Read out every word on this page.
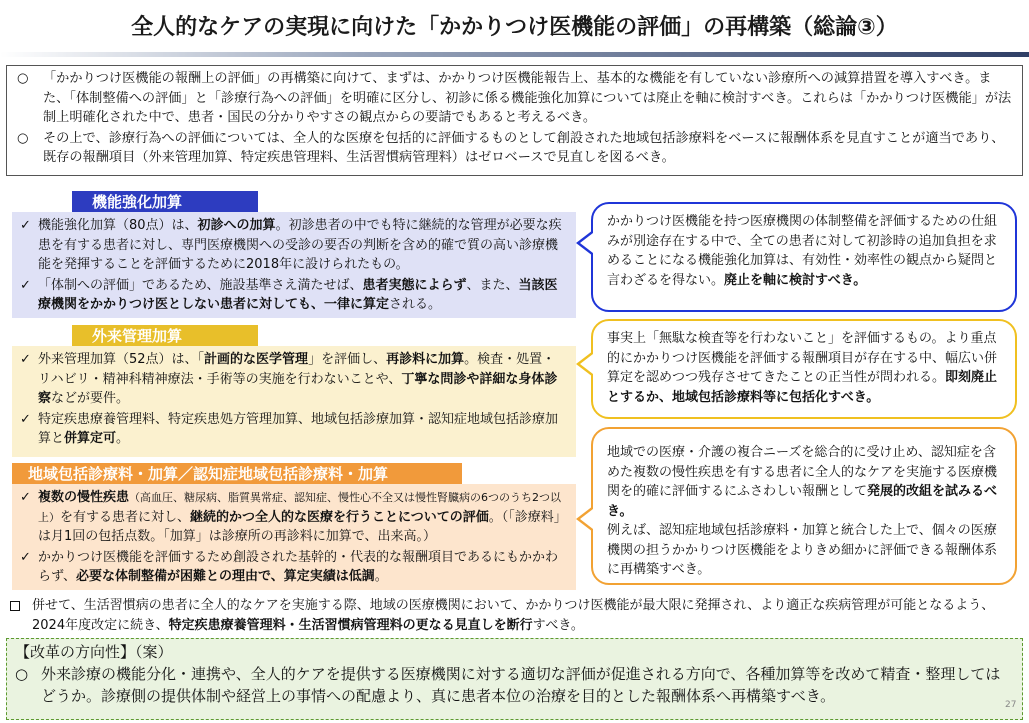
全人的なケアの実現に向けた「かかりつけ医機能の評価」の再構築（総論③）

○ 「かかりつけ医機能の報酬上の評価」の再構築に向けて、まずは、かかりつけ医機能報告上、基本的な機能を有していない診療所への減算措置を導入すべき。また、「体制整備への評価」と「診療行為への評価」を明確に区分し、初診に係る機能強化加算については廃止を軸に検討すべき。これらは「かかりつけ医機能」が法制上明確化された中で、患者・国民の分かりやすさの観点からの要請でもあると考えるべき。

○ その上で、診療行為への評価については、全人的な医療を包括的に評価するものとして創設された地域包括診療料をベースに報酬体系を見直すことが適当であり、既存の報酬項目（外来管理加算、特定疾患管理料、生活習慣病管理料）はゼロベースで見直しを図るべき。

機能強化加算
✓ 機能強化加算（80点）は、初診への加算。初診患者の中でも特に継続的な管理が必要な疾患を有する患者に対し、専門医療機関への受診の要否の判断を含め的確で質の高い診療機能を発揮することを評価するために2018年に設けられたもの。
✓ 「体制への評価」であるため、施設基準さえ満たせば、患者実態によらず、また、当該医療機関をかかりつけ医としない患者に対しても、一律に算定される。
外来管理加算
✓ 外来管理加算（52点）は、「計画的な医学管理」を評価し、再診料に加算。検査・処置・リハビリ・精神科精神療法・手術等の実施を行わないことや、丁寧な問診や詳細な身体診察などが要件。
✓ 特定疾患療養管理料、特定疾患処方管理加算、地域包括診療加算・認知症地域包括診療加算と併算定可。
地域包括診療料・加算／認知症地域包括診療料・加算
✓ 複数の慢性疾患（高血圧、糖尿病、脂質異常症、認知症、慢性心不全又は慢性腎臓病の6つのうち2つ以上）を有する患者に対し、継続的かつ全人的な医療を行うことについての評価。（「診療料」は月1回の包括点数。「加算」は診療所の再診料に加算で、出来高。）
✓ かかりつけ医機能を評価するため創設された基幹的・代表的な報酬項目であるにもかかわらず、必要な体制整備が困難との理由で、算定実績は低調。
かかりつけ医機能を持つ医療機関の体制整備を評価するための仕組みが別途存在する中で、全ての患者に対して初診時の追加負担を求めることになる機能強化加算は、有効性・効率性の観点から疑問と言わざるを得ない。廃止を軸に検討すべき。
事実上「無駄な検査等を行わないこと」を評価するもの。より重点的にかかりつけ医機能を評価する報酬項目が存在する中、幅広い併算定を認めつつ残存させてきたことの正当性が問われる。即刻廃止とするか、地域包括診療料等に包括化すべき。
地域での医療・介護の複合ニーズを総合的に受け止め、認知症を含めた複数の慢性疾患を有する患者に全人的なケアを実施する医療機関を的確に評価するにふさわしい報酬として発展的改組を試みるべき。
例えば、認知症地域包括診療料・加算と統合した上で、個々の医療機関の担うかかりつけ医機能をよりきめ細かに評価できる報酬体系に再構築すべき。
併せて、生活習慣病の患者に全人的なケアを実施する際、地域の医療機関において、かかりつけ医機能が最大限に発揮され、より適正な疾病管理が可能となるよう、2024年度改定に続き、特定疾患療養管理料・生活習慣病管理料の更なる見直しを断行すべき。
【改革の方向性】（案）

○ 外来診療の機能分化・連携や、全人的ケアを提供する医療機関に対する適切な評価が促進される方向で、各種加算等を改めて精査・整理してはどうか。診療側の提供体制や経営上の事情への配慮より、真に患者本位の治療を目的とした報酬体系へ再構築すべき。	27
